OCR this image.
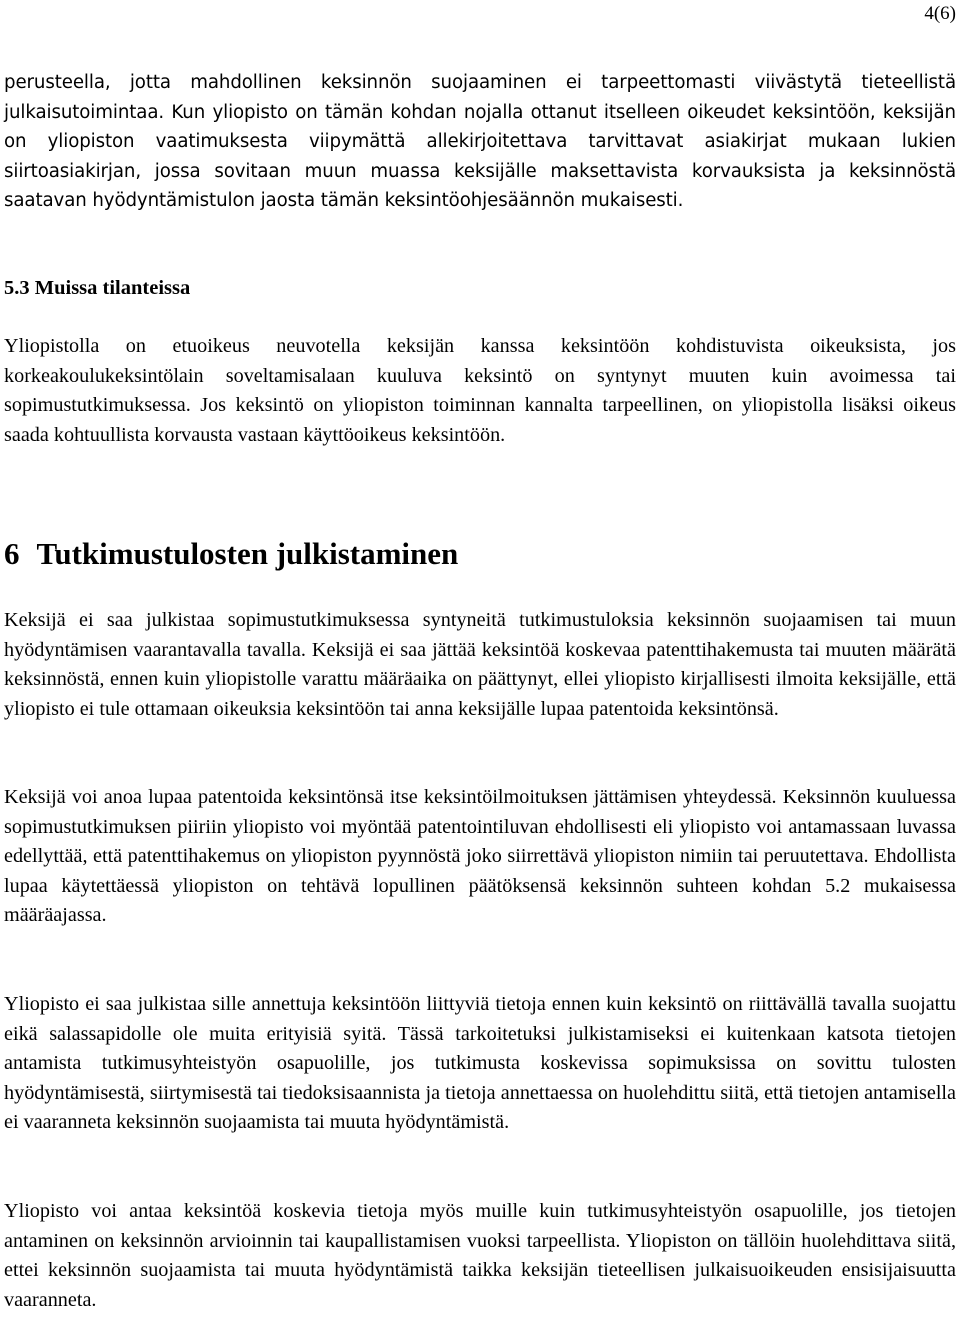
4(6)

perusteella, jotta mahdollinen keksinnön suojaaminen ei tarpeettomasti viivästytä tieteellistä julkaisutoimintaa. Kun yliopisto on tämän kohdan nojalla ottanut itselleen oikeudet keksintöön, keksijän on yliopiston vaatimuksesta viipymättä allekirjoitettava tarvittavat asiakirjat mukaan lukien siirtoasiakirjan, jossa sovitaan muun muassa keksijälle maksettavista korvauksista ja keksinnöstä saatavan hyödyntämistulon jaosta tämän keksintöohjesäännön mukaisesti.

5.3 Muissa tilanteissa

Yliopistolla on etuoikeus neuvotella keksijän kanssa keksintöön kohdistuvista oikeuksista, jos korkeakoulukeksintölain soveltamisalaan kuuluva keksintö on syntynyt muuten kuin avoimessa tai sopimustutkimuksessa. Jos keksintö on yliopiston toiminnan kannalta tarpeellinen, on yliopistolla lisäksi oikeus saada kohtuullista korvausta vastaan käyttöoikeus keksintöön.

6 Tutkimustulosten julkistaminen

Keksijä ei saa julkistaa sopimustutkimuksessa syntyneitä tutkimustuloksia keksinnön suojaamisen tai muun hyödyntämisen vaarantavalla tavalla. Keksijä ei saa jättää keksintöä koskevaa patenttihakemusta tai muuten määrätä keksinnöstä, ennen kuin yliopistolle varattu määräaika on päättynyt, ellei yliopisto kirjallisesti ilmoita keksijälle, että yliopisto ei tule ottamaan oikeuksia keksintöön tai anna keksijälle lupaa patentoida keksintönsä.

Keksijä voi anoa lupaa patentoida keksintönsä itse keksintöilmoituksen jättämisen yhteydessä. Keksinnön kuuluessa sopimustutkimuksen piiriin yliopisto voi myöntää patentointiluvan ehdollisesti eli yliopisto voi antamassaan luvassa edellyttää, että patenttihakemus on yliopiston pyynnöstä joko siirrettävä yliopiston nimiin tai peruutettava. Ehdollista lupaa käytettäessä yliopiston on tehtävä lopullinen päätöksensä keksinnön suhteen kohdan 5.2 mukaisessa määräajassa.

Yliopisto ei saa julkistaa sille annettuja keksintöön liittyviä tietoja ennen kuin keksintö on riittävällä tavalla suojattu eikä salassapidolle ole muita erityisiä syitä. Tässä tarkoitetuksi julkistamiseksi ei kuitenkaan katsota tietojen antamista tutkimusyhteistyön osapuolille, jos tutkimusta koskevissa sopimuksissa on sovittu tulosten hyödyntämisestä, siirtymisestä tai tiedoksisaannista ja tietoja annettaessa on huolehdittu siitä, että tietojen antamisella ei vaaranneta keksinnön suojaamista tai muuta hyödyntämistä.

Yliopisto voi antaa keksintöä koskevia tietoja myös muille kuin tutkimusyhteistyön osapuolille, jos tietojen antaminen on keksinnön arvioinnin tai kaupallistamisen vuoksi tarpeellista. Yliopiston on tällöin huolehdittava siitä, ettei keksinnön suojaamista tai muuta hyödyntämistä taikka keksijän tieteellisen julkaisuoikeuden ensisijaisuutta vaaranneta.
